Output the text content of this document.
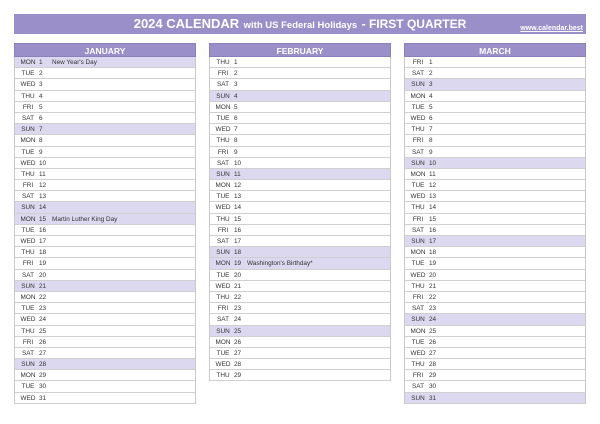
2024 CALENDAR with US Federal Holidays - FIRST QUARTER	www.calendar.best
JANUARY
MON 1	New Year's Day
TUE 2
WED 3
THU 4
FRI 5
SAT 6
SUN 7
MON 8
TUE 9
WED 10
THU 11
FRI 12
SAT 13
SUN 14
MON 15 Martin Luther King Day
TUE 16
WED 17
THU 18
FRI 19
SAT 20
SUN 21
MON 22
TUE 23
WED 24
THU 25
FRI 26
SAT 27
SUN 28
MON 29
TUE 30
WED 31
FEBRUARY
THU 1
FRI 2
SAT 3
SUN 4
MON 5
TUE 6
WED 7
THU 8
FRI 9
SAT 10
SUN 11
MON 12
TUE 13
WED 14
THU 15
FRI 16
SAT 17
SUN 18
MON 19 Washington's Birthday*
TUE 20
WED 21
THU 22
FRI 23
SAT 24
SUN 25
MON 26
TUE 27
WED 28
THU 29
MARCH
FRI 1
SAT 2
SUN 3
MON 4
TUE 5
WED 6
THU 7
FRI 8
SAT 9
SUN 10
MON 11
TUE 12
WED 13
THU 14
FRI 15
SAT 16
SUN 17
MON 18
TUE 19
WED 20
THU 21
FRI 22
SAT 23
SUN 24
MON 25
TUE 26
WED 27
THU 28
FRI 29
SAT 30
SUN 31
